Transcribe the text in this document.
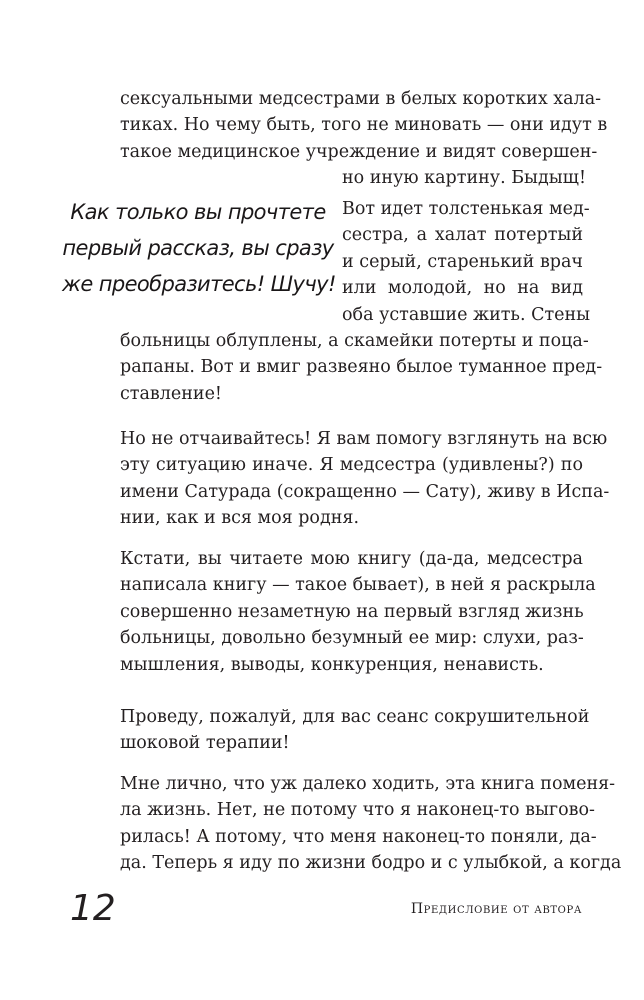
сексуальными медсестрами в белых коротких хала-
тиках. Но чему быть, того не миновать — они идут в
такое медицинское учреждение и видят совершен-
но иную картину. Быдыщ!
Вот идет толстенькая мед-
сестра, а халат потертый
и серый, старенький врач
или молодой, но на вид
оба уставшие жить. Стены
больницы облуплены, а скамейки потерты и поца-
рапаны. Вот и вмиг развеяно былое туманное пред-
ставление!
Но не отчаивайтесь! Я вам помогу взглянуть на всю
эту ситуацию иначе. Я медсестра (удивлены?) по
имени Сатурада (сокращенно — Сату), живу в Испа-
нии, как и вся моя родня.
Кстати, вы читаете мою книгу (да-да, медсестра
написала книгу — такое бывает), в ней я раскрыла
совершенно незаметную на первый взгляд жизнь
больницы, довольно безумный ее мир: слухи, раз-
мышления, выводы, конкуренция, ненависть.
Проведу, пожалуй, для вас сеанс сокрушительной
шоковой терапии!
Мне лично, что уж далеко ходить, эта книга поменя-
ла жизнь. Нет, не потому что я наконец-то выгово-
рилась! А потому, что меня наконец-то поняли, да-
да. Теперь я иду по жизни бодро и с улыбкой, а когда
Как только вы прочтете
первый рассказ, вы сразу
же преобразитесь! Шучу!
12	Предисловие от автора
